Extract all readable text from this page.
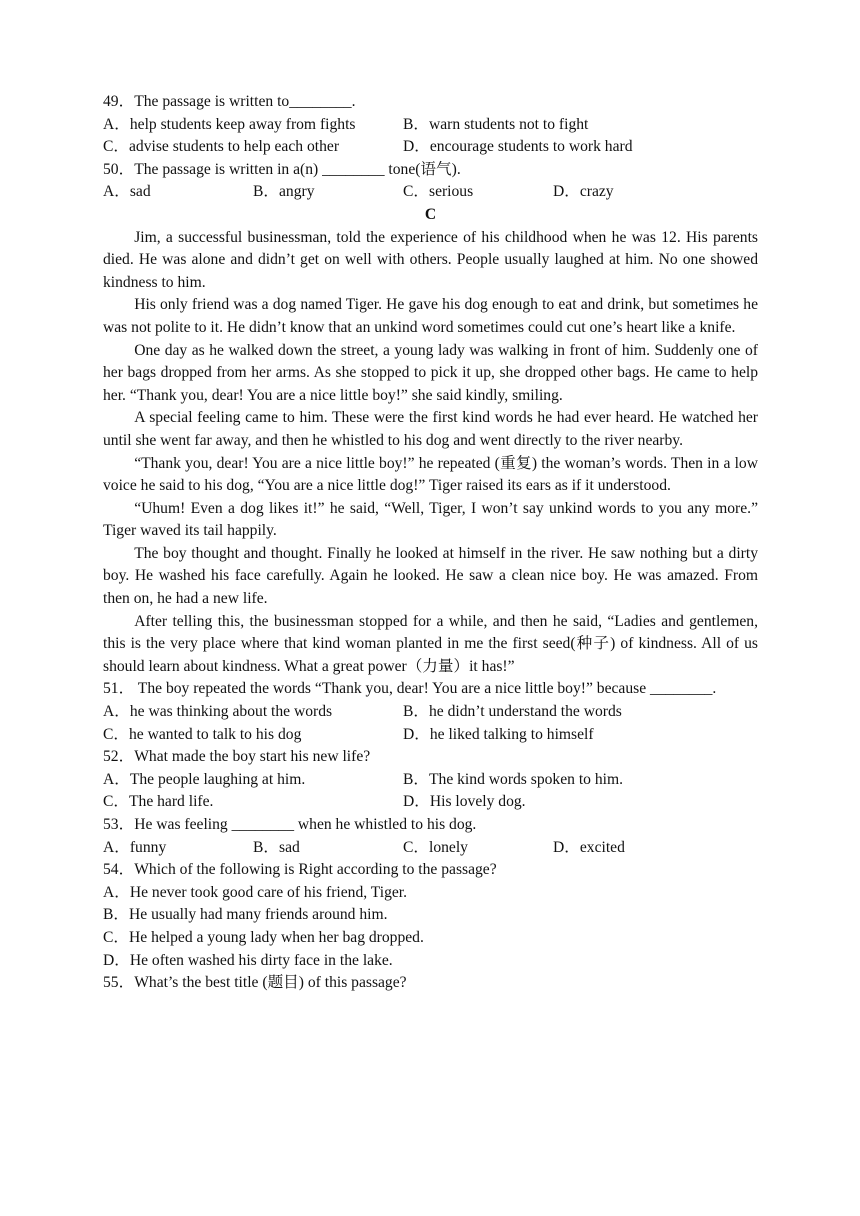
49．The passage is written to________.
A．help students keep away from fights	B．warn students not to fight
C．advise students to help each other	D．encourage students to work hard
50．The passage is written in a(n) ________ tone(语气).
A．sad	B．angry	C．serious	D．crazy
C
Jim, a successful businessman, told the experience of his childhood when he was 12. His parents died. He was alone and didn’t get on well with others. People usually laughed at him. No one showed kindness to him.
His only friend was a dog named Tiger. He gave his dog enough to eat and drink, but sometimes he was not polite to it. He didn’t know that an unkind word sometimes could cut one’s heart like a knife.
One day as he walked down the street, a young lady was walking in front of him. Suddenly one of her bags dropped from her arms. As she stopped to pick it up, she dropped other bags. He came to help her. “Thank you, dear! You are a nice little boy!” she said kindly, smiling.
A special feeling came to him. These were the first kind words he had ever heard. He watched her until she went far away, and then he whistled to his dog and went directly to the river nearby.
“Thank you, dear! You are a nice little boy!” he repeated (重复) the woman’s words. Then in a low voice he said to his dog, “You are a nice little dog!” Tiger raised its ears as if it understood.
“Uhum! Even a dog likes it!” he said, “Well, Tiger, I won’t say unkind words to you any more.” Tiger waved its tail happily.
The boy thought and thought. Finally he looked at himself in the river. He saw nothing but a dirty boy. He washed his face carefully. Again he looked. He saw a clean nice boy. He was amazed. From then on, he had a new life.
After telling this, the businessman stopped for a while, and then he said, “Ladies and gentlemen, this is the very place where that kind woman planted in me the first seed(种子) of kindness. All of us should learn about kindness. What a great power（力量）it has!”
51． The boy repeated the words “Thank you, dear! You are a nice little boy!” because ________.
A．he was thinking about the words	B．he didn’t understand the words
C．he wanted to talk to his dog	D．he liked talking to himself
52．What made the boy start his new life?
A．The people laughing at him.	B．The kind words spoken to him.
C．The hard life.	D．His lovely dog.
53．He was feeling ________ when he whistled to his dog.
A．funny	B．sad	C．lonely	D．excited
54．Which of the following is Right according to the passage?
A．He never took good care of his friend, Tiger.
B．He usually had many friends around him.
C．He helped a young lady when her bag dropped.
D．He often washed his dirty face in the lake.
55．What’s the best title (题目) of this passage?
